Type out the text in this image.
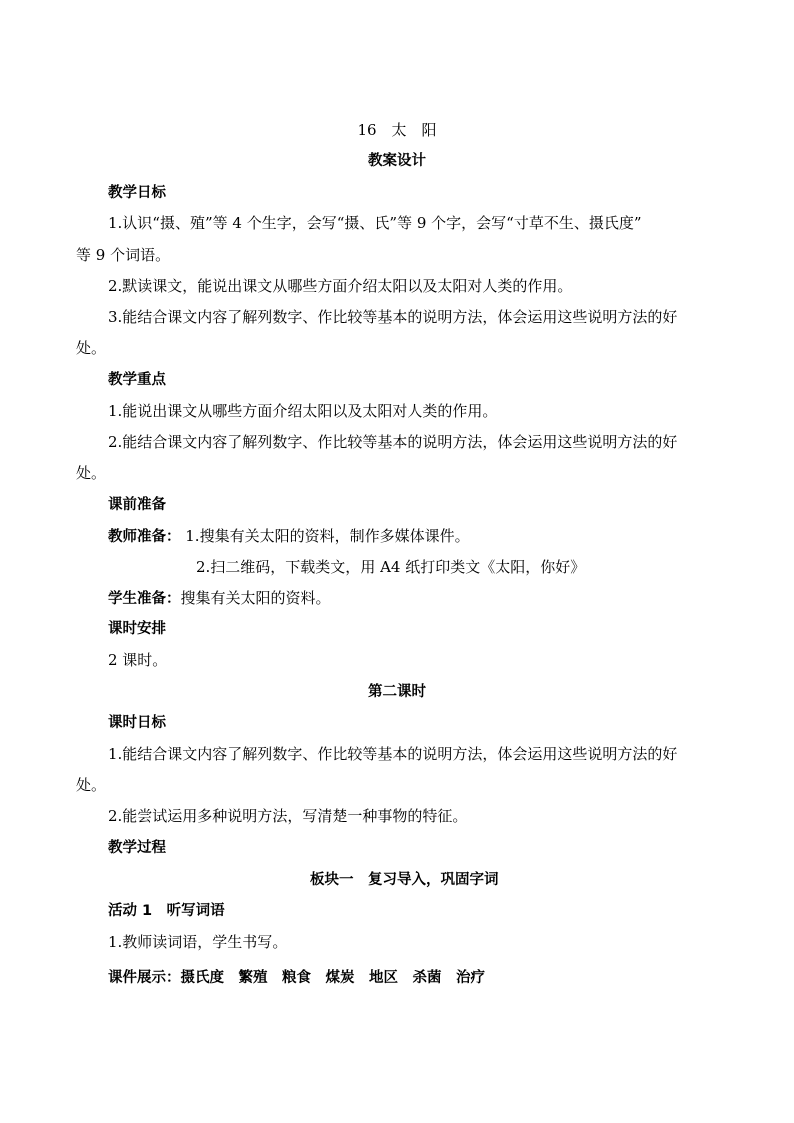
16　太　阳
教案设计
教学日标
1.认识“摄、殖”等 4 个生字，会写“摄、氏”等 9 个字，会写“寸草不生、摄氏度”
等 9 个词语。
2.默读课文，能说出课文从哪些方面介绍太阳以及太阳对人类的作用。
3.能结合课文内容了解列数字、作比较等基本的说明方法，体会运用这些说明方法的好
处。
教学重点
1.能说出课文从哪些方面介绍太阳以及太阳对人类的作用。
2.能结合课文内容了解列数字、作比较等基本的说明方法，体会运用这些说明方法的好
处。
课前准备
教师准备： 1.搜集有关太阳的资料，制作多媒体课件。
2.扫二维码，下载类文，用 A4 纸打印类文《太阳，你好》
学生准备：搜集有关太阳的资料。
课时安排
2 课时。
第二课时
课时日标
1.能结合课文内容了解列数字、作比较等基本的说明方法，体会运用这些说明方法的好
处。
2.能尝试运用多种说明方法，写清楚一种事物的特征。
教学过程
板块一　复习导入，巩固字词
活动 1　听写词语
1.教师读词语，学生书写。
课件展示：摄氏度　繁殖　粮食　煤炭　地区　杀菌　治疗
